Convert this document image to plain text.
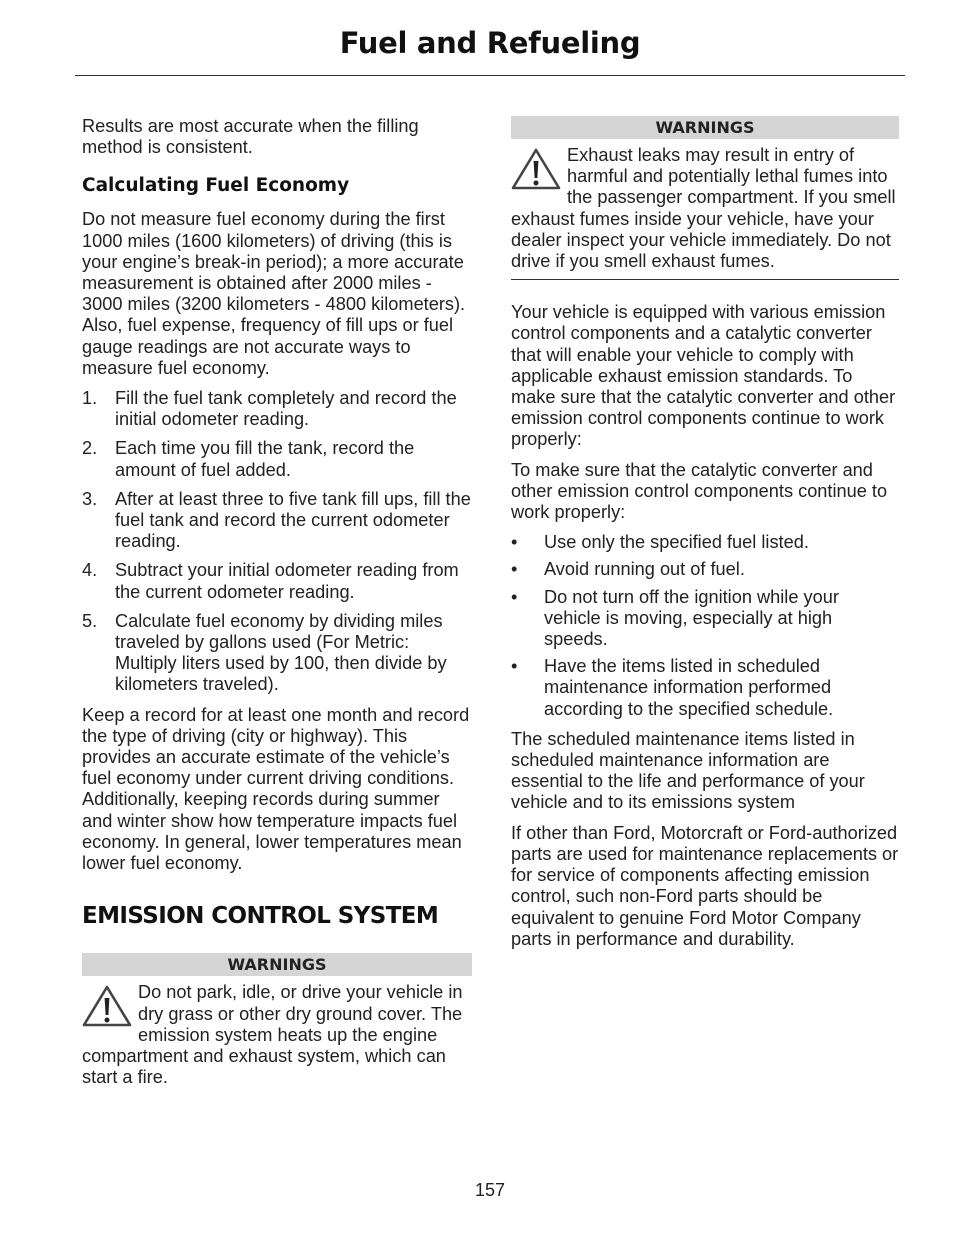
Fuel and Refueling

Results are most accurate when the filling method is consistent.

Calculating Fuel Economy

Do not measure fuel economy during the first 1000 miles (1600 kilometers) of driving (this is your engine’s break-in period); a more accurate measurement is obtained after 2000 miles - 3000 miles (3200 kilometers - 4800 kilometers). Also, fuel expense, frequency of fill ups or fuel gauge readings are not accurate ways to measure fuel economy.

1. Fill the fuel tank completely and record the initial odometer reading.
2. Each time you fill the tank, record the amount of fuel added.
3. After at least three to five tank fill ups, fill the fuel tank and record the current odometer reading.
4. Subtract your initial odometer reading from the current odometer reading.
5. Calculate fuel economy by dividing miles traveled by gallons used (For Metric: Multiply liters used by 100, then divide by kilometers traveled).

Keep a record for at least one month and record the type of driving (city or highway). This provides an accurate estimate of the vehicle’s fuel economy under current driving conditions. Additionally, keeping records during summer and winter show how temperature impacts fuel economy. In general, lower temperatures mean lower fuel economy.

EMISSION CONTROL SYSTEM
WARNINGS
Do not park, idle, or drive your vehicle in dry grass or other dry ground cover. The emission system heats up the engine compartment and exhaust system, which can start a fire.
WARNINGS
Exhaust leaks may result in entry of harmful and potentially lethal fumes into the passenger compartment. If you smell exhaust fumes inside your vehicle, have your dealer inspect your vehicle immediately. Do not drive if you smell exhaust fumes.

Your vehicle is equipped with various emission control components and a catalytic converter that will enable your vehicle to comply with applicable exhaust emission standards. To make sure that the catalytic converter and other emission control components continue to work properly:

To make sure that the catalytic converter and other emission control components continue to work properly:

• Use only the specified fuel listed.
• Avoid running out of fuel.
• Do not turn off the ignition while your vehicle is moving, especially at high speeds.
• Have the items listed in scheduled maintenance information performed according to the specified schedule.

The scheduled maintenance items listed in scheduled maintenance information are essential to the life and performance of your vehicle and to its emissions system

If other than Ford, Motorcraft or Ford-authorized parts are used for maintenance replacements or for service of components affecting emission control, such non-Ford parts should be equivalent to genuine Ford Motor Company parts in performance and durability.

157
